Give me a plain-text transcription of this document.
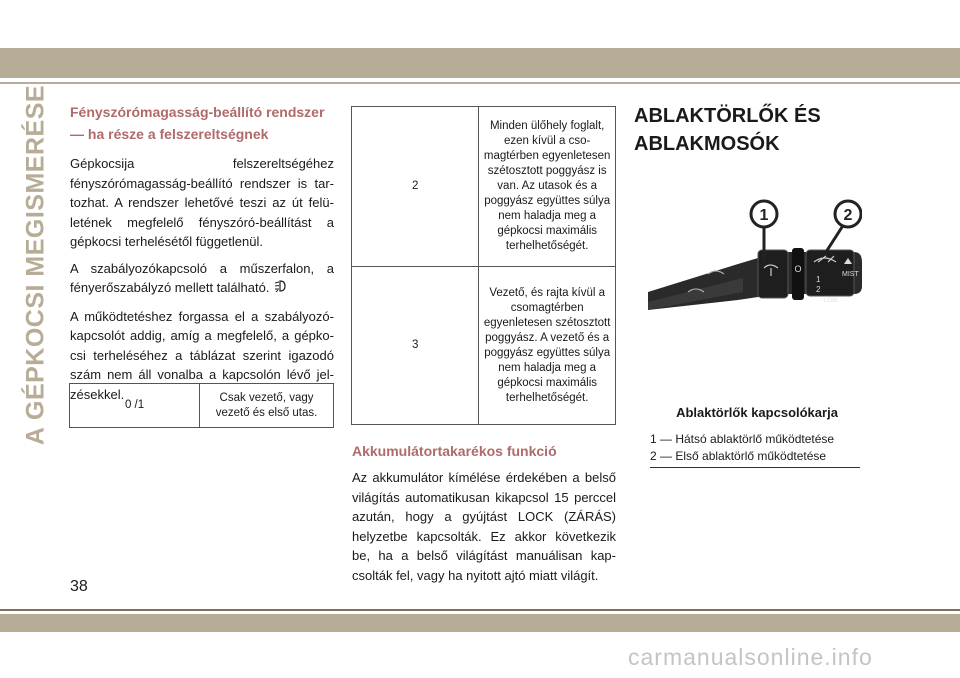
A GÉPKOCSI MEGISMERÉSE Fényszórómagasság-beállító rendszer
— ha része a felszereltségnek

Gépkocsija felszereltségéhez fényszórómagasság-beállító rendszer is tartozhat. A rendszer lehetővé teszi az út felületének megfelelő fényszóró-beállítást a gépkocsi terhelésétől függetlenül.

A szabályozókapcsoló a műszerfalon, a fényerőszabályzó mellett található.

A működtetéshez forgassa el a szabályozókapcsolót addig, amíg a megfelelő, a gépkocsi terheléséhez a táblázat szerint igazodó szám nem áll vonalba a kapcsolón lévő jelzésekkel.

0 /1	Csak vezető, vagy vezető és első utas.
2	Minden ülőhely foglalt, ezen kívül a csomagtérben egyenletesen szétosztott poggyász is van. Az utasok és a poggyász együttes súlya nem haladja meg a gépkocsi maximális terhelhetőségét.
3	Vezető, és rajta kívül a csomagtérben egyenletesen szétosztott poggyász. A vezető és a poggyász együttes súlya nem haladja meg a gépkocsi maximális terhelhetőségét.
Akkumulátortakarékos funkció

Az akkumulátor kímélése érdekében a belső világítás automatikusan kikapcsol 15 perccel azután, hogy a gyújtást LOCK (ZÁRÁS) helyzetbe kapcsolták. Ez akkor következik be, ha a belső világítást manuálisan kapcsolták fel, vagy ha nyitott ajtó miatt világít.

ABLAKTÖRLŐK ÉS
ABLAKMOSÓK
1	2
O
1
2
LOW
MIST
Ablaktörlők kapcsolókarja
1 — Hátsó ablaktörlő működtetése
2 — Első ablaktörlő működtetése
38
carmanualsonline.info
